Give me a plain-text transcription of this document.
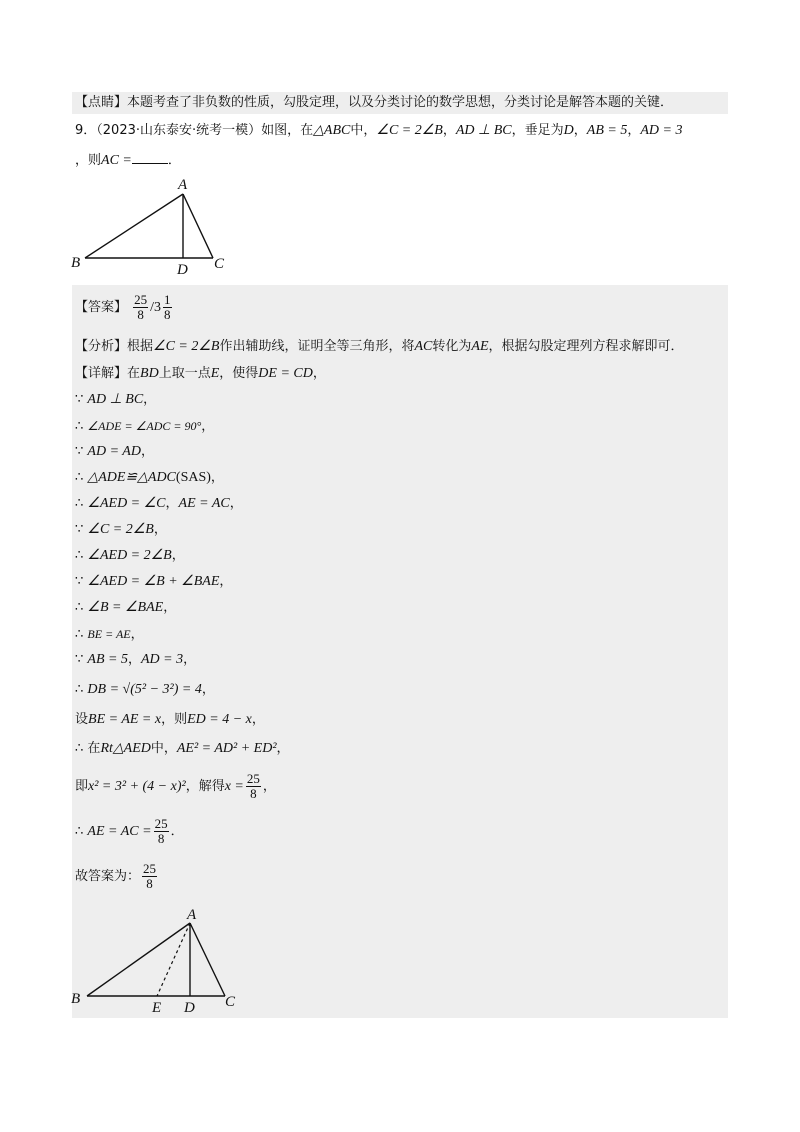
【点睛】本题考查了非负数的性质，勾股定理，以及分类讨论的数学思想，分类讨论是解答本题的关键．
9．（2023·山东泰安·统考一模）如图，在△ABC中，∠C = 2∠B，AD ⊥ BC，垂足为D，AB = 5，AD = 3
，则AC =	．
A
B	D C
【答案】 $\frac{25}{8} /3 \frac{1}{8}$
【分析】根据∠C = 2∠B作出辅助线，证明全等三角形，将AC转化为AE，根据勾股定理列方程求解即可．
【详解】在BD上取一点E，使得DE = CD，
∵ AD ⊥ BC，
∴ ∠ADE = ∠ADC = 90°，
∵ AD = AD，
∴ △ADE≌△ADC(SAS)，
∴ ∠AED = ∠C，AE = AC，
∵ ∠C = 2∠B，
∴ ∠AED = 2∠B，
∵ ∠AED = ∠B + ∠BAE，
∴ ∠B = ∠BAE，
∴ BE = AE，
∵ AB = 5，AD = 3，
∴ DB = √(5² − 3²) = 4，
设BE = AE = x，则ED = 4 − x，
∴ 在Rt△AED中，AE² = AD² + ED²，
即x² = 3² + (4 − x)²，解得$x = \frac{25}{8}$ ，
∴ AE = AC = $\frac{25}{8}$ ．
故答案为： $\frac{25}{8}$
A
B
E D C
